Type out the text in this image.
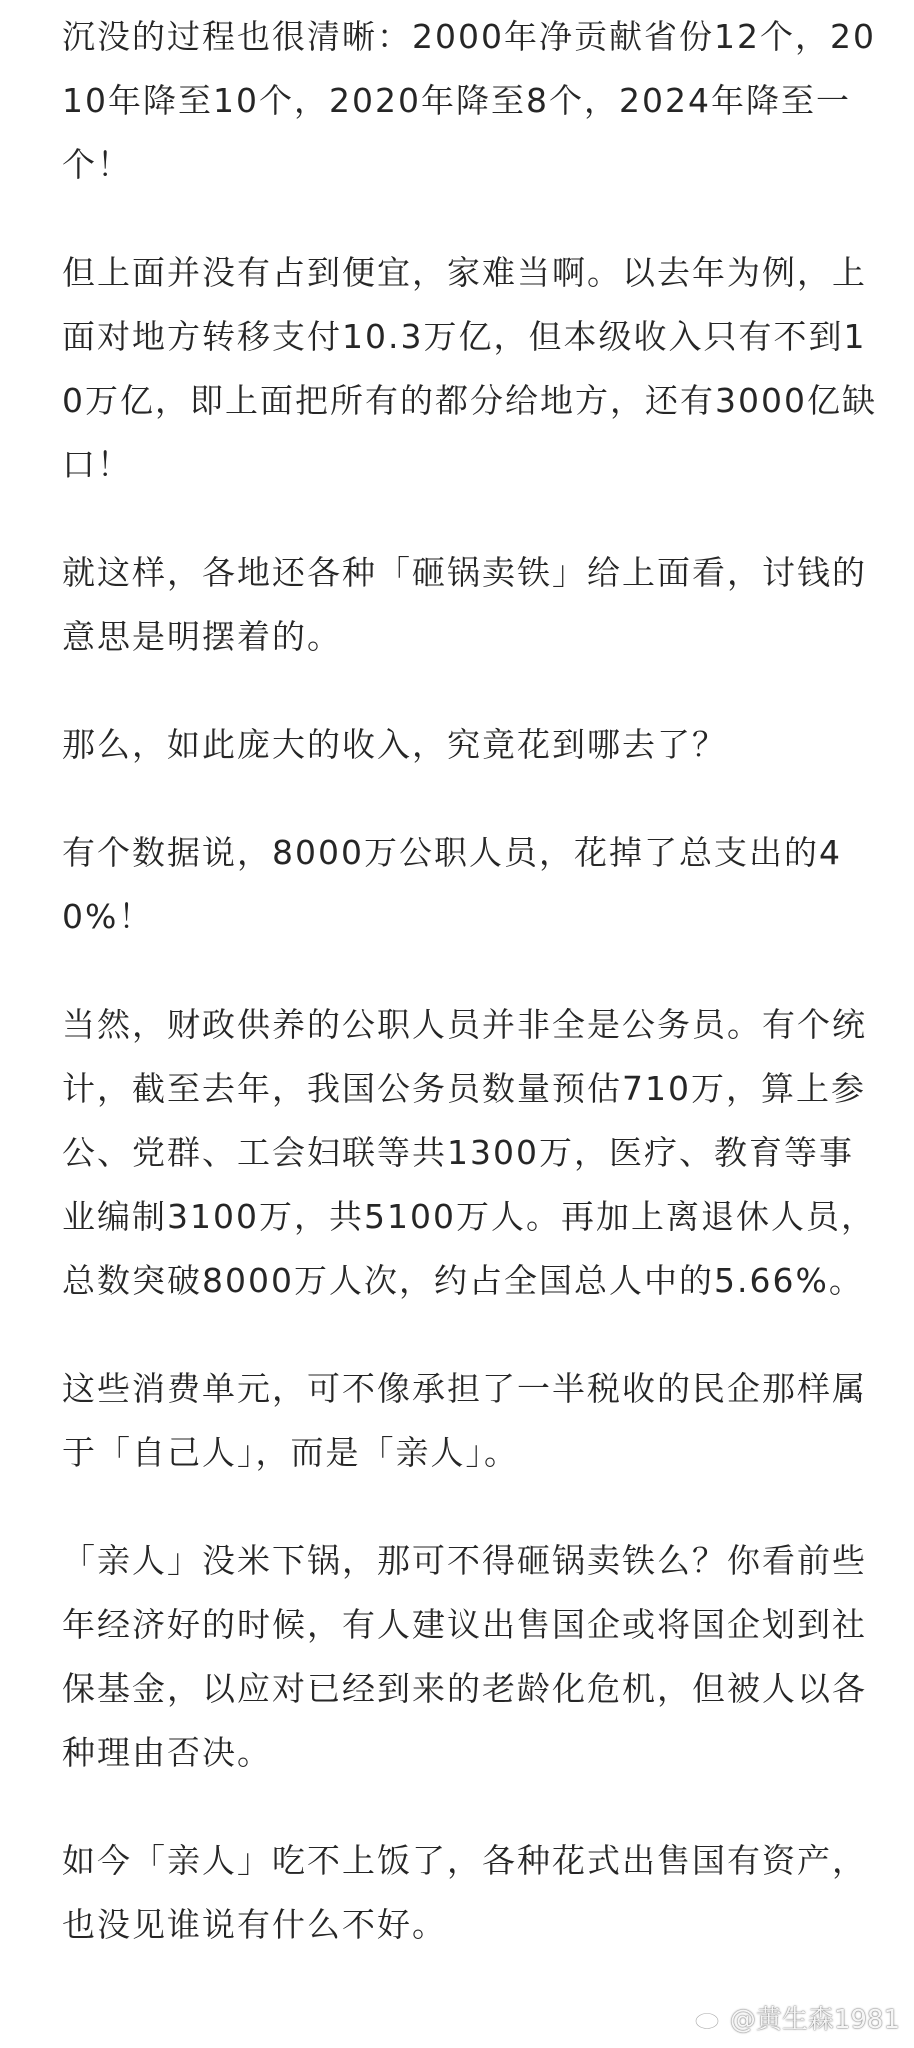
沉没的过程也很清晰：2000年净贡献省份12个，2010年降至10个，2020年降至8个，2024年降至一个！

但上面并没有占到便宜，家难当啊。以去年为例，上面对地方转移支付10.3万亿，但本级收入只有不到10万亿，即上面把所有的都分给地方，还有3000亿缺口！

就这样，各地还各种「砸锅卖铁」给上面看，讨钱的意思是明摆着的。

那么，如此庞大的收入，究竟花到哪去了？

有个数据说，8000万公职人员，花掉了总支出的40%！

当然，财政供养的公职人员并非全是公务员。有个统计，截至去年，我国公务员数量预估710万，算上参公、党群、工会妇联等共1300万，医疗、教育等事业编制3100万，共5100万人。再加上离退休人员，总数突破8000万人次，约占全国总人中的5.66%。

这些消费单元，可不像承担了一半税收的民企那样属于「自己人」，而是「亲人」。

「亲人」没米下锅，那可不得砸锅卖铁么？你看前些年经济好的时候，有人建议出售国企或将国企划到社保基金，以应对已经到来的老龄化危机，但被人以各种理由否决。

如今「亲人」吃不上饭了，各种花式出售国有资产，也没见谁说有什么不好。

@黄生森1981
